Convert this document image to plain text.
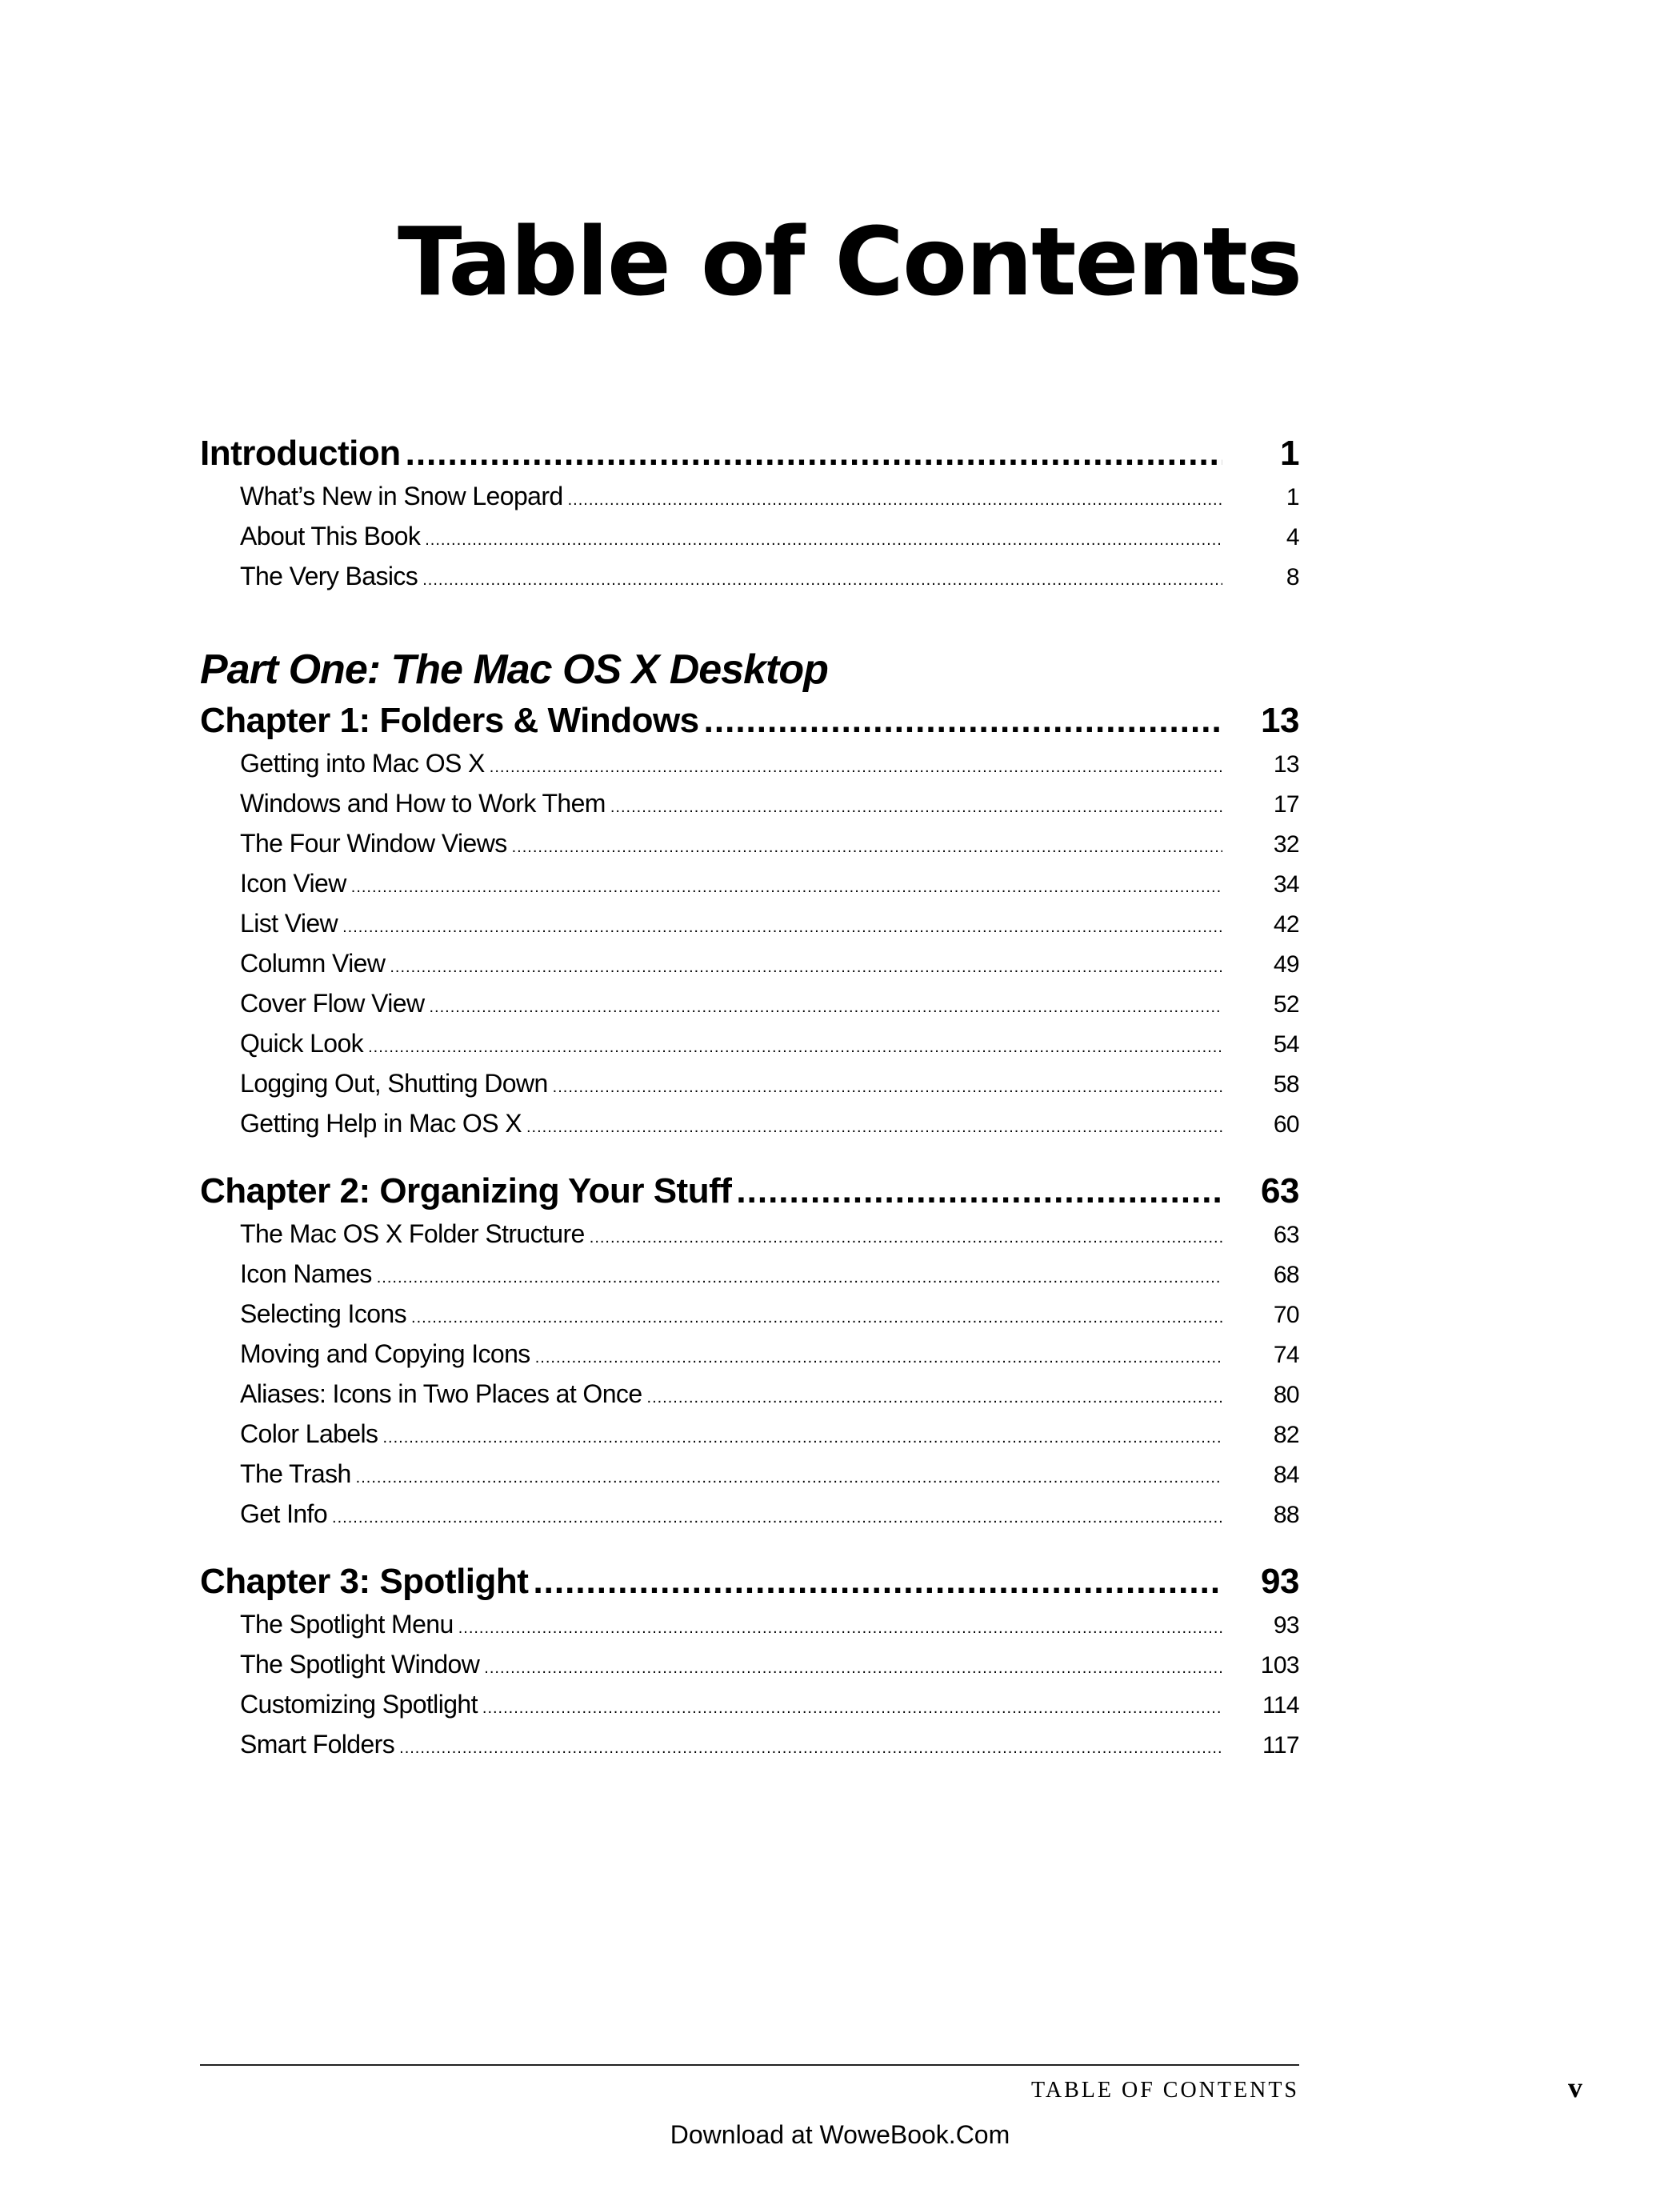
Table of Contents
Introduction .....	1
What’s New in Snow Leopard .....	1
About This Book .....	4
The Very Basics .....	8
Part One: The Mac OS X Desktop
Chapter 1: Folders & Windows .....	13
Getting into Mac OS X .....	13
Windows and How to Work Them .....	17
The Four Window Views .....	32
Icon View .....	34
List View .....	42
Column View .....	49
Cover Flow View .....	52
Quick Look .....	54
Logging Out, Shutting Down .....	58
Getting Help in Mac OS X .....	60
Chapter 2: Organizing Your Stuff .....	63
The Mac OS X Folder Structure .....	63
Icon Names .....	68
Selecting Icons .....	70
Moving and Copying Icons .....	74
Aliases: Icons in Two Places at Once .....	80
Color Labels .....	82
The Trash .....	84
Get Info .....	88
Chapter 3: Spotlight .....	93
The Spotlight Menu .....	93
The Spotlight Window .....	103
Customizing Spotlight .....	114
Smart Folders .....	117
TABLE OF CONTENTS	v
Download at WoweBook.Com
